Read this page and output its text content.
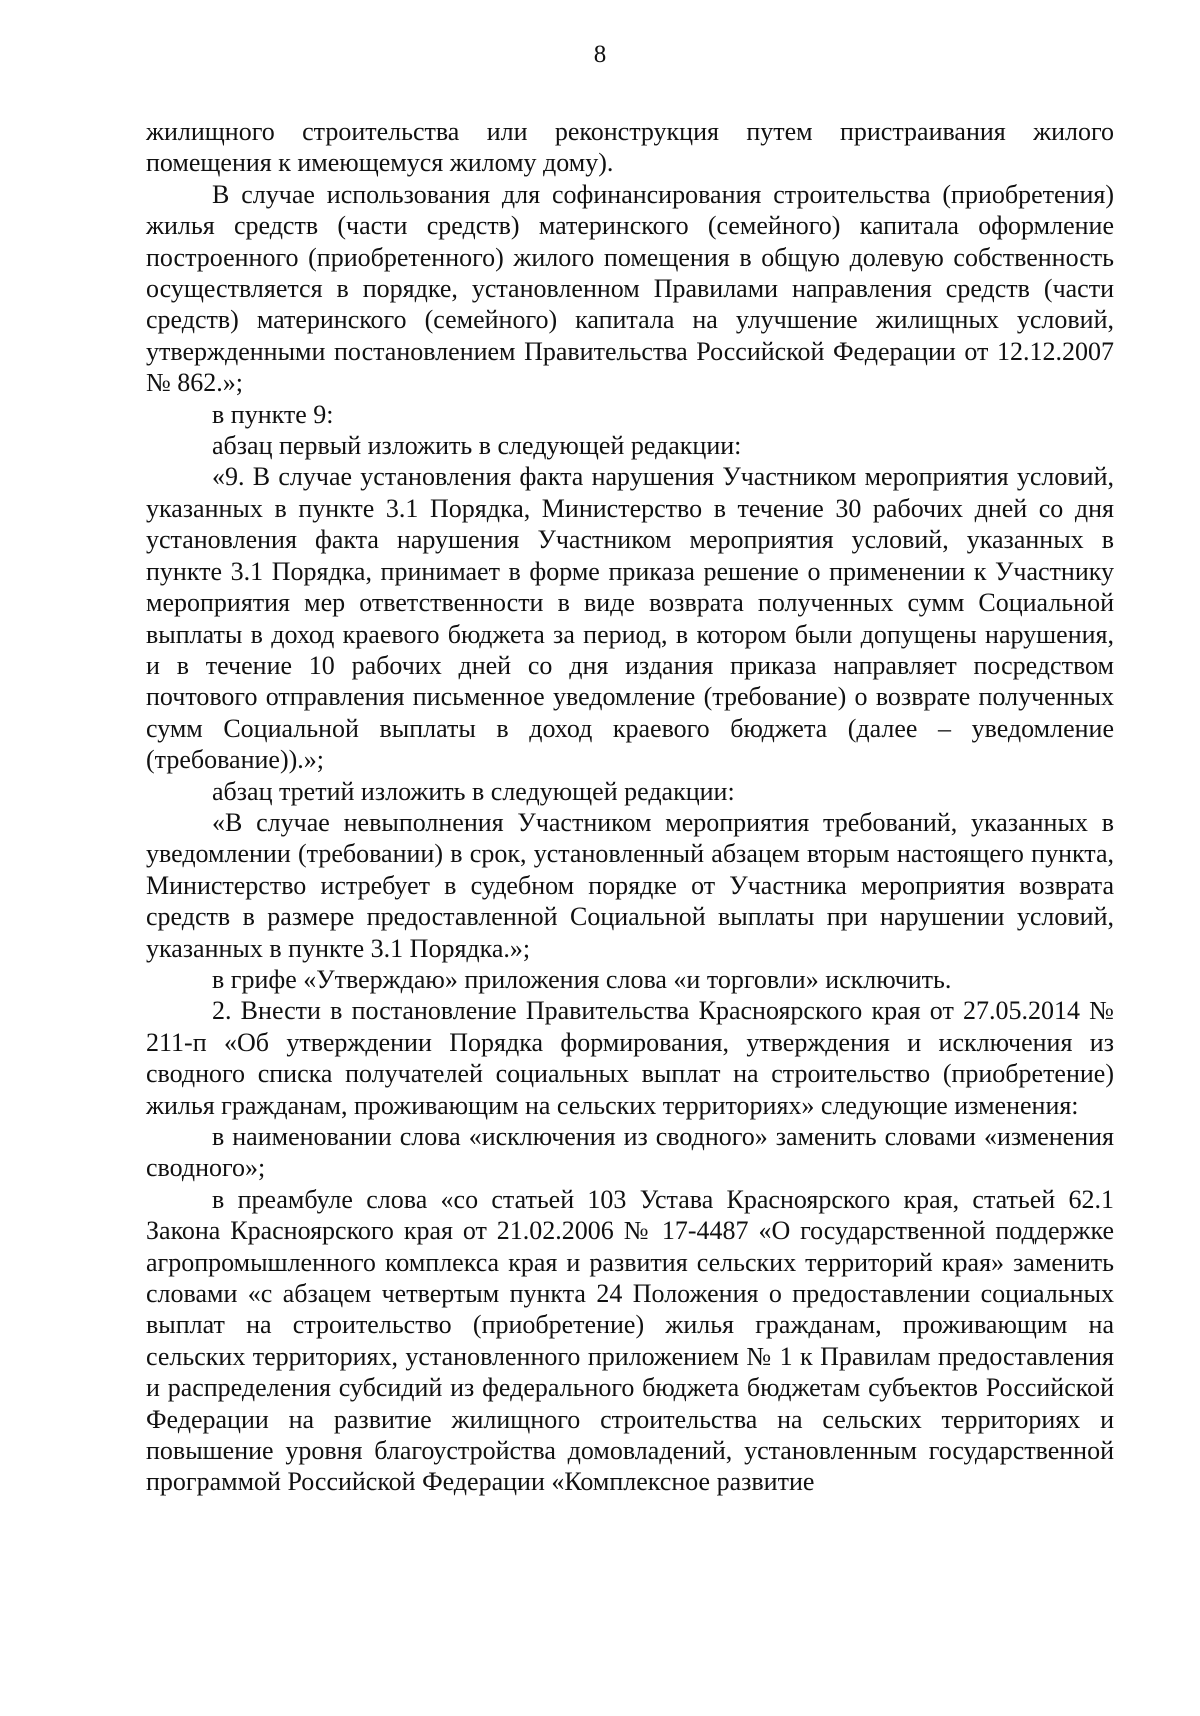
8

жилищного строительства или реконструкция путем пристраивания жилого помещения к имеющемуся жилому дому).

В случае использования для софинансирования строительства (приобретения) жилья средств (части средств) материнского (семейного) капитала оформление построенного (приобретенного) жилого помещения в общую долевую собственность осуществляется в порядке, установленном Правилами направления средств (части средств) материнского (семейного) капитала на улучшение жилищных условий, утвержденными постановлением Правительства Российской Федерации от 12.12.2007 № 862.»;

в пункте 9:

абзац первый изложить в следующей редакции:

«9. В случае установления факта нарушения Участником мероприятия условий, указанных в пункте 3.1 Порядка, Министерство в течение 30 рабочих дней со дня установления факта нарушения Участником мероприятия условий, указанных в пункте 3.1 Порядка, принимает в форме приказа решение о применении к Участнику мероприятия мер ответственности в виде возврата полученных сумм Социальной выплаты в доход краевого бюджета за период, в котором были допущены нарушения, и в течение 10 рабочих дней со дня издания приказа направляет посредством почтового отправления письменное уведомление (требование) о возврате полученных сумм Социальной выплаты в доход краевого бюджета (далее – уведомление (требование)).»;

абзац третий изложить в следующей редакции:

«В случае невыполнения Участником мероприятия требований, указанных в уведомлении (требовании) в срок, установленный абзацем вторым настоящего пункта, Министерство истребует в судебном порядке от Участника мероприятия возврата средств в размере предоставленной Социальной выплаты при нарушении условий, указанных в пункте 3.1 Порядка.»;

в грифе «Утверждаю» приложения слова «и торговли» исключить.

2. Внести в постановление Правительства Красноярского края от 27.05.2014 № 211-п «Об утверждении Порядка формирования, утверждения и исключения из сводного списка получателей социальных выплат на строительство (приобретение) жилья гражданам, проживающим на сельских территориях» следующие изменения:

в наименовании слова «исключения из сводного» заменить словами «изменения сводного»;

в преамбуле слова «со статьей 103 Устава Красноярского края, статьей 62.1 Закона Красноярского края от 21.02.2006 № 17-4487 «О государственной поддержке агропромышленного комплекса края и развития сельских территорий края» заменить словами «с абзацем четвертым пункта 24 Положения о предоставлении социальных выплат на строительство (приобретение) жилья гражданам, проживающим на сельских территориях, установленного приложением № 1 к Правилам предоставления и распределения субсидий из федерального бюджета бюджетам субъектов Российской Федерации на развитие жилищного строительства на сельских территориях и повышение уровня благоустройства домовладений, установленным государственной программой Российской Федерации «Комплексное развитие
